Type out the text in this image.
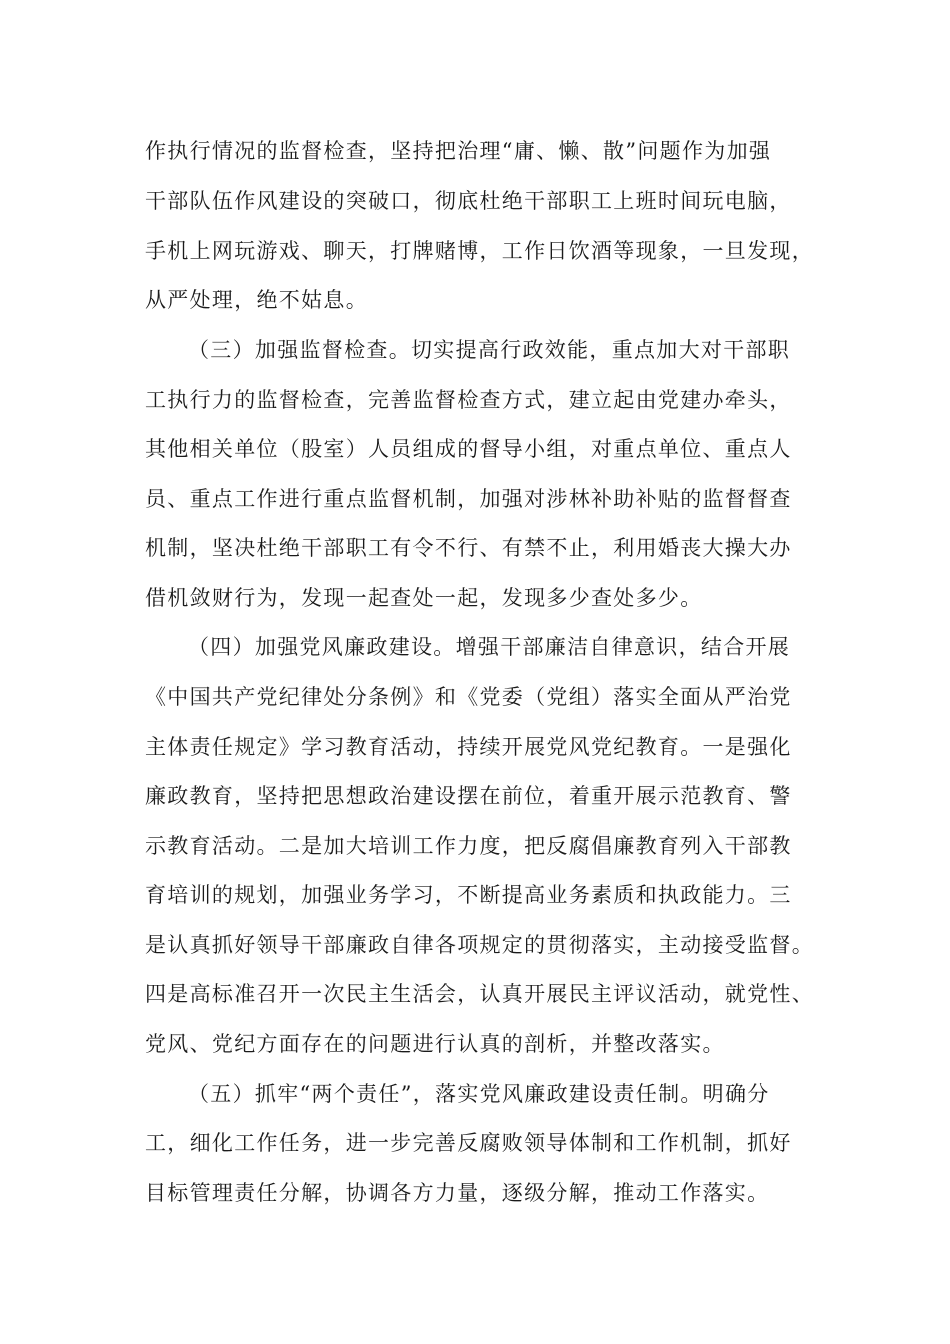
作执行情况的监督检查，坚持把治理“庸、懒、散”问题作为加强
干部队伍作风建设的突破口，彻底杜绝干部职工上班时间玩电脑，
手机上网玩游戏、聊天，打牌赌博，工作日饮酒等现象，一旦发现，
从严处理，绝不姑息。
（三）加强监督检查。切实提高行政效能，重点加大对干部职
工执行力的监督检查，完善监督检查方式，建立起由党建办牵头，
其他相关单位（股室）人员组成的督导小组，对重点单位、重点人
员、重点工作进行重点监督机制，加强对涉林补助补贴的监督督查
机制，坚决杜绝干部职工有令不行、有禁不止，利用婚丧大操大办
借机敛财行为，发现一起查处一起，发现多少查处多少。
（四）加强党风廉政建设。增强干部廉洁自律意识，结合开展
《中国共产党纪律处分条例》和《党委（党组）落实全面从严治党
主体责任规定》学习教育活动，持续开展党风党纪教育。一是强化
廉政教育，坚持把思想政治建设摆在前位，着重开展示范教育、警
示教育活动。二是加大培训工作力度，把反腐倡廉教育列入干部教
育培训的规划，加强业务学习，不断提高业务素质和执政能力。三
是认真抓好领导干部廉政自律各项规定的贯彻落实，主动接受监督。
四是高标准召开一次民主生活会，认真开展民主评议活动，就党性、
党风、党纪方面存在的问题进行认真的剖析，并整改落实。
（五）抓牢“两个责任”，落实党风廉政建设责任制。明确分
工，细化工作任务，进一步完善反腐败领导体制和工作机制，抓好
目标管理责任分解，协调各方力量，逐级分解，推动工作落实。
